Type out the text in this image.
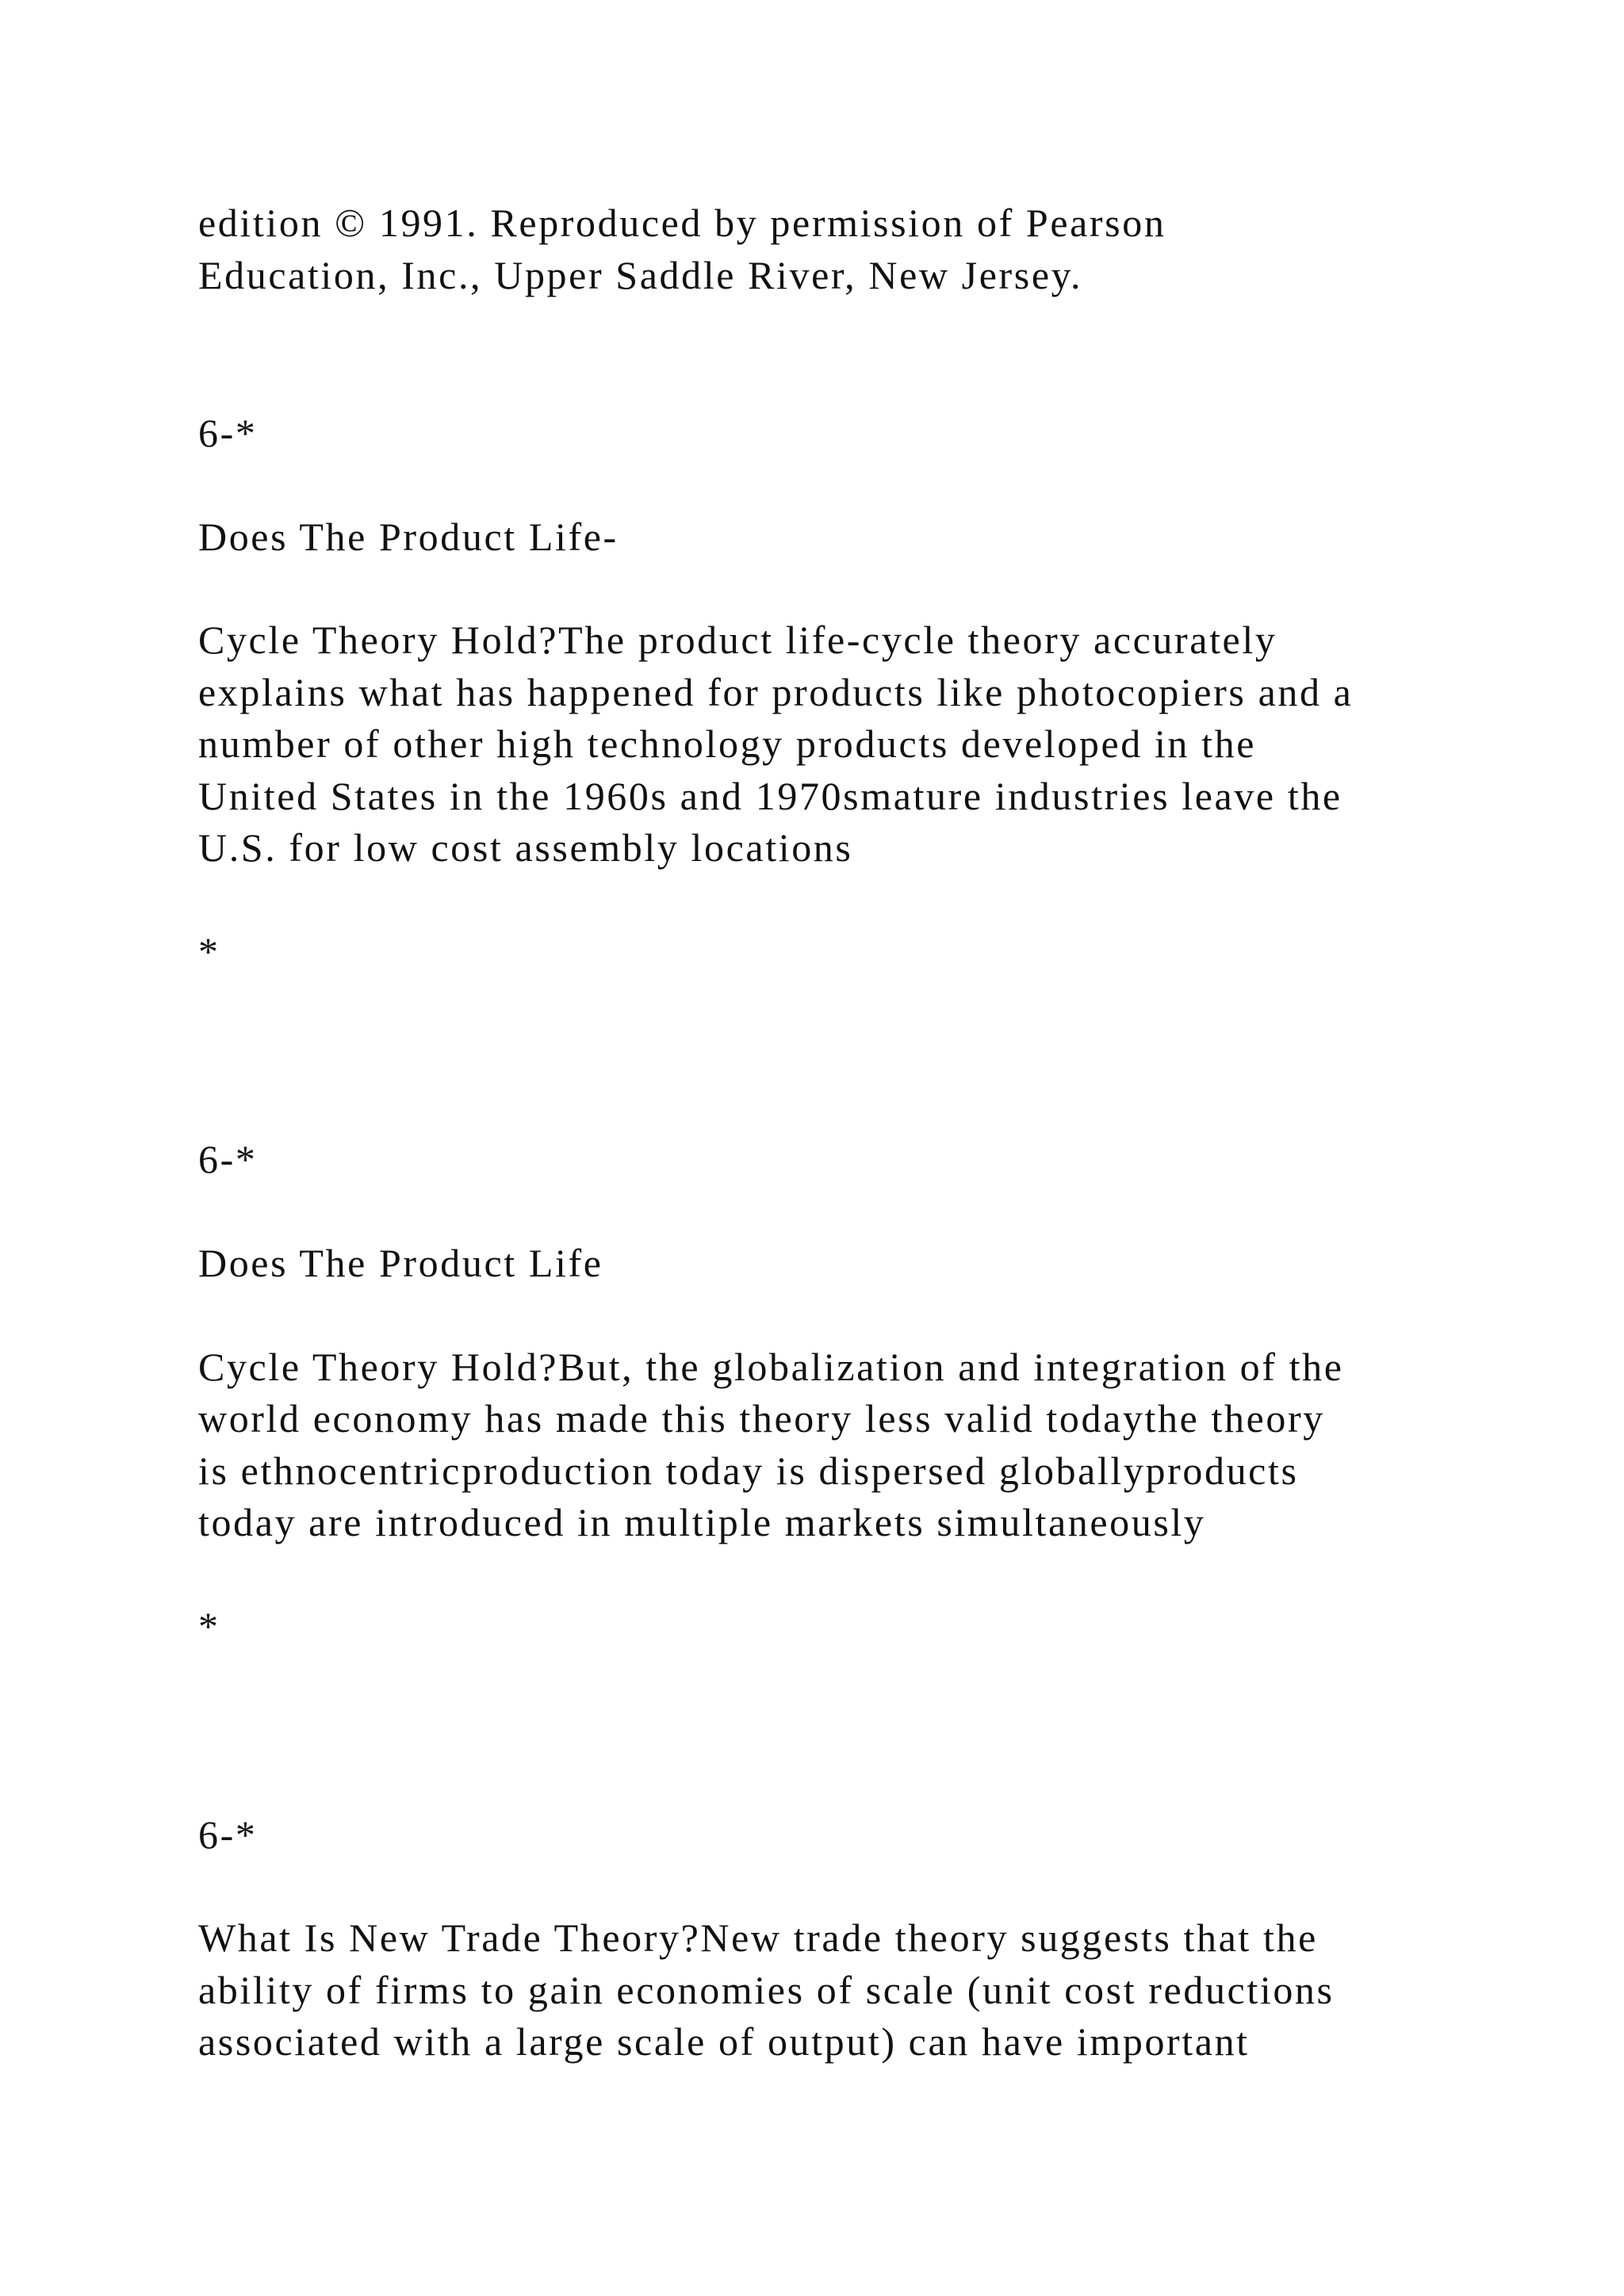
edition © 1991. Reproduced by permission of Pearson

Education, Inc., Upper Saddle River, New Jersey.

6-*

Does The Product Life-

Cycle Theory Hold?The product life-cycle theory accurately

explains what has happened for products like photocopiers and a

number of other high technology products developed in the

United States in the 1960s and 1970smature industries leave the

U.S. for low cost assembly locations

*

6-*

Does The Product Life

Cycle Theory Hold?But, the globalization and integration of the

world economy has made this theory less valid todaythe theory

is ethnocentricproduction today is dispersed globallyproducts

today are introduced in multiple markets simultaneously

*

6-*

What Is New Trade Theory?New trade theory suggests that the

ability of firms to gain economies of scale (unit cost reductions

associated with a large scale of output) can have important
